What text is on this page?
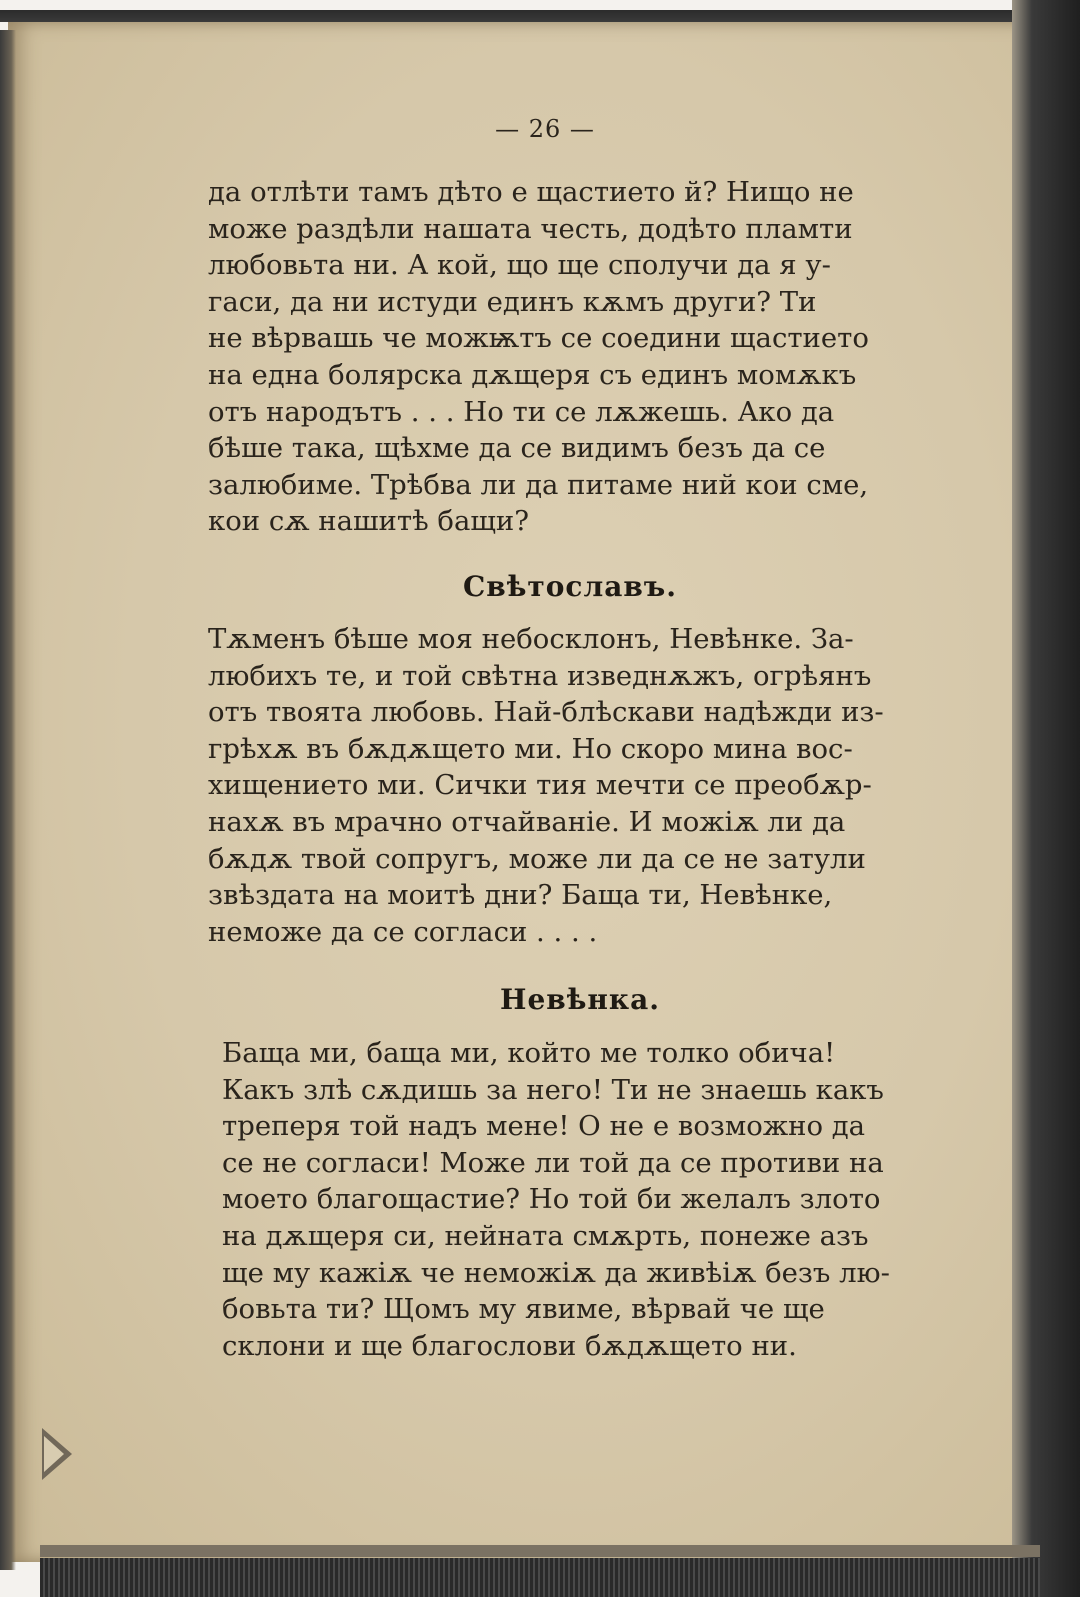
— 26 —
да отлѣти тамъ дѣто е щастието й? Нищо не
може раздѣли нашата честь, додѣто пламти
любовьта ни. А кой, що ще сполучи да я у-
гаси, да ни истуди единъ кѫмъ други? Ти
не вѣрвашь че можѭтъ се соедини щастието
на една болярска дѫщеря съ единъ момѫкъ
отъ народътъ . . . Но ти се лѫжешь. Ако да
бѣше така, щѣхме да се видимъ безъ да се
залюбиме. Трѣбва ли да питаме ний кои сме,
кои сѫ нашитѣ бащи?
Свѣтославъ.
Тѫменъ бѣше моя небосклонъ, Невѣнке. За-
любихъ те, и той свѣтна изведнѫжъ, огрѣянъ
отъ твоята любовь. Най-блѣскави надѣжди из-
грѣхѫ въ бѫдѫщето ми. Но скоро мина вос-
хищението ми. Сички тия мечти се преобѫр-
нахѫ въ мрачно отчайваніе. И можіѫ ли да
бѫдѫ твой сопругъ, може ли да се не затули
звѣздата на моитѣ дни? Баща ти, Невѣнке,
неможе да се согласи . . . .
Невѣнка.
Баща ми, баща ми, който ме толко обича!
Какъ злѣ сѫдишь за него! Ти не знаешь какъ
треперя той надъ мене! О не е возможно да
се не согласи! Може ли той да се противи на
моето благощастие? Но той би желалъ злото
на дѫщеря си, нейната смѫрть, понеже азъ
ще му кажіѫ че неможіѫ да живѣіѫ безъ лю-
бовьта ти? Щомъ му явиме, вѣрвай че ще
склони и ще благослови бѫдѫщето ни.
